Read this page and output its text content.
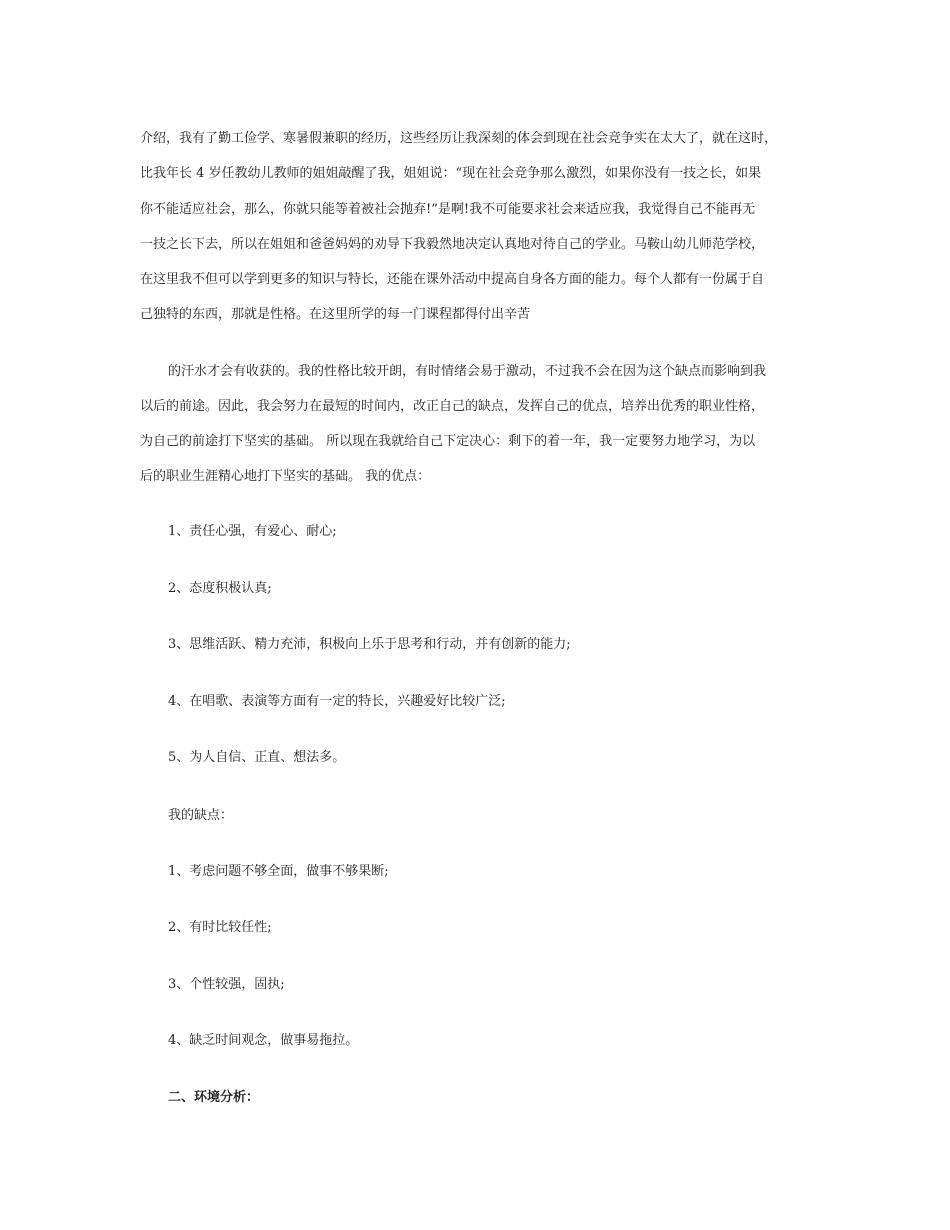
介绍，我有了勤工俭学、寒暑假兼职的经历，这些经历让我深刻的体会到现在社会竞争实在太大了，就在这时，
比我年长 4 岁任教幼儿教师的姐姐敲醒了我，姐姐说：“现在社会竞争那么激烈，如果你没有一技之长，如果
你不能适应社会，那么，你就只能等着被社会抛弃!”是啊!我不可能要求社会来适应我，我觉得自己不能再无
一技之长下去，所以在姐姐和爸爸妈妈的劝导下我毅然地决定认真地对待自己的学业。马鞍山幼儿师范学校，
在这里我不但可以学到更多的知识与特长，还能在课外活动中提高自身各方面的能力。每个人都有一份属于自
己独特的东西，那就是性格。在这里所学的每一门课程都得付出辛苦
的汗水才会有收获的。我的性格比较开朗，有时情绪会易于激动，不过我不会在因为这个缺点而影响到我
以后的前途。因此，我会努力在最短的时间内，改正自己的缺点，发挥自己的优点，培养出优秀的职业性格，
为自己的前途打下坚实的基础。 所以现在我就给自己下定决心：剩下的着一年，我一定要努力地学习，为以
后的职业生涯精心地打下坚实的基础。 我的优点：
1、责任心强，有爱心、耐心;
2、态度积极认真;
3、思维活跃、精力充沛，积极向上乐于思考和行动，并有创新的能力;
4、在唱歌、表演等方面有一定的特长，兴趣爱好比较广泛;
5、为人自信、正直、想法多。
我的缺点：
1、考虑问题不够全面，做事不够果断;
2、有时比较任性;
3、个性较强，固执;
4、缺乏时间观念，做事易拖拉。
二、环境分析：
